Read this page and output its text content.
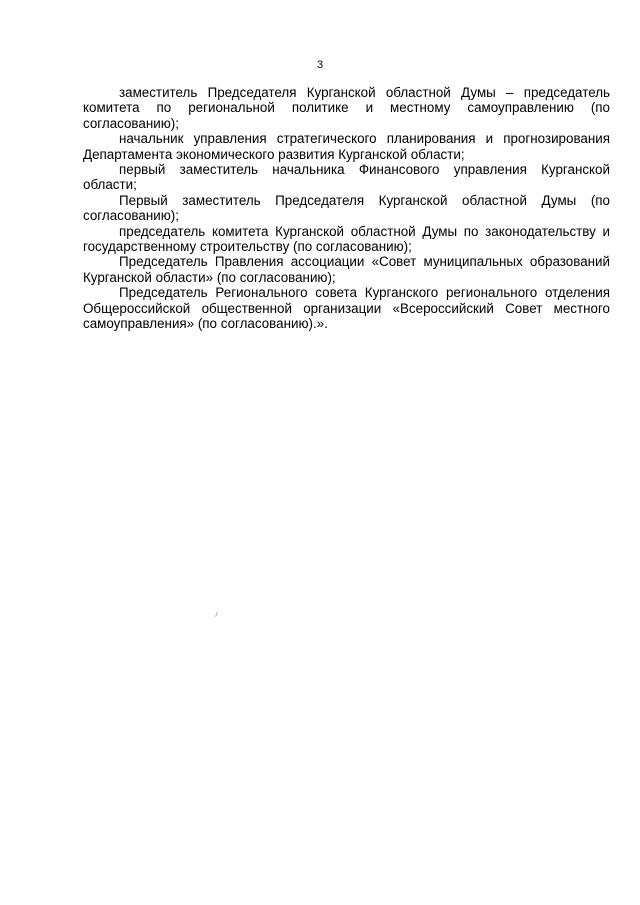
3

заместитель Председателя Курганской областной Думы – председатель комитета по региональной политике и местному самоуправлению (по согласованию);

начальник управления стратегического планирования и прогнозирования Департамента экономического развития Курганской области;

первый заместитель начальника Финансового управления Курганской области;

Первый заместитель Председателя Курганской областной Думы (по согласованию);

председатель комитета Курганской областной Думы по законодательству и государственному строительству (по согласованию);

Председатель Правления ассоциации «Совет муниципальных образований Курганской области» (по согласованию);

Председатель Регионального совета Курганского регионального отделения Общероссийской общественной организации «Всероссийский Совет местного самоуправления» (по согласованию).».
